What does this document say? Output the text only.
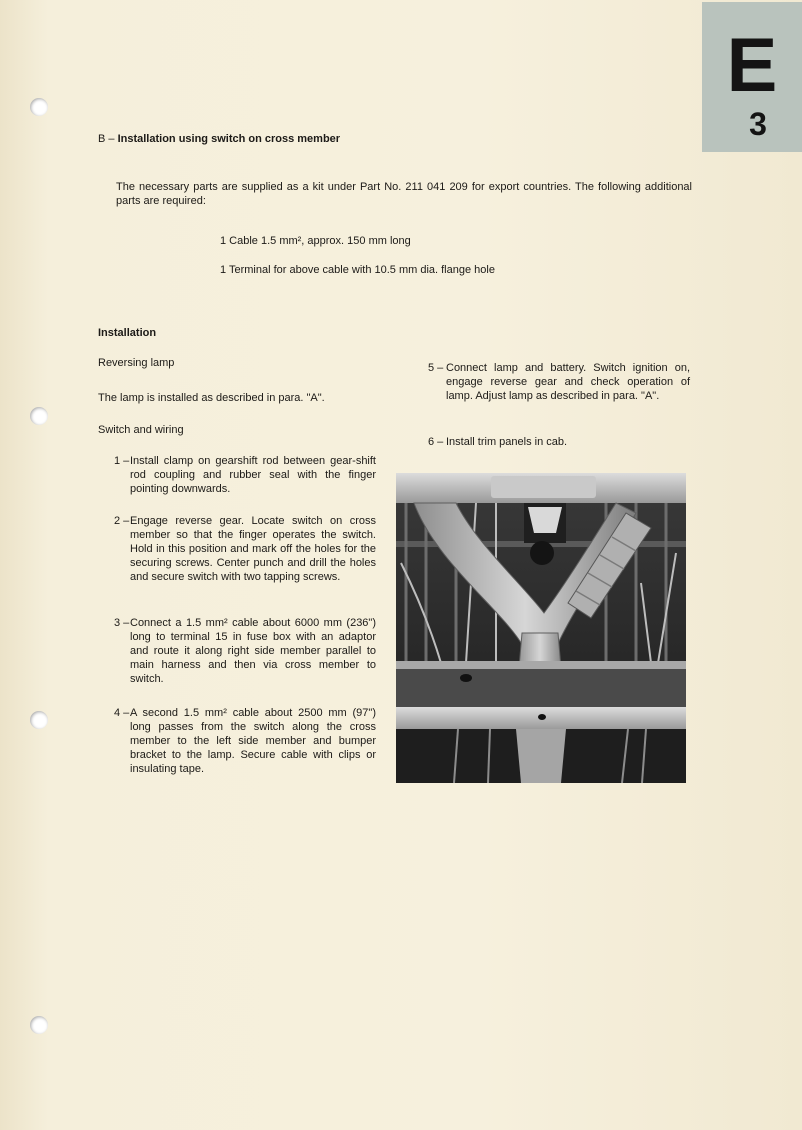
E
3
B – Installation using switch on cross member
The necessary parts are supplied as a kit under Part No. 211 041 209 for export countries. The following additional parts are required:
1 Cable 1.5 mm², approx. 150 mm long
1 Terminal for above cable with 10.5 mm dia. flange hole
Installation
Reversing lamp
The lamp is installed as described in para. "A".
Switch and wiring
1 – Install clamp on gearshift rod between gear-shift rod coupling and rubber seal with the finger pointing downwards.
2 – Engage reverse gear. Locate switch on cross member so that the finger operates the switch. Hold in this position and mark off the holes for the securing screws. Center punch and drill the holes and secure switch with two tapping screws.
3 – Connect a 1.5 mm² cable about 6000 mm (236") long to terminal 15 in fuse box with an adaptor and route it along right side member parallel to main harness and then via cross member to switch.
4 – A second 1.5 mm² cable about 2500 mm (97") long passes from the switch along the cross member to the left side member and bumper bracket to the lamp. Secure cable with clips or insulating tape.
5 – Connect lamp and battery. Switch ignition on, engage reverse gear and check operation of lamp. Adjust lamp as described in para. "A".
6 – Install trim panels in cab.
